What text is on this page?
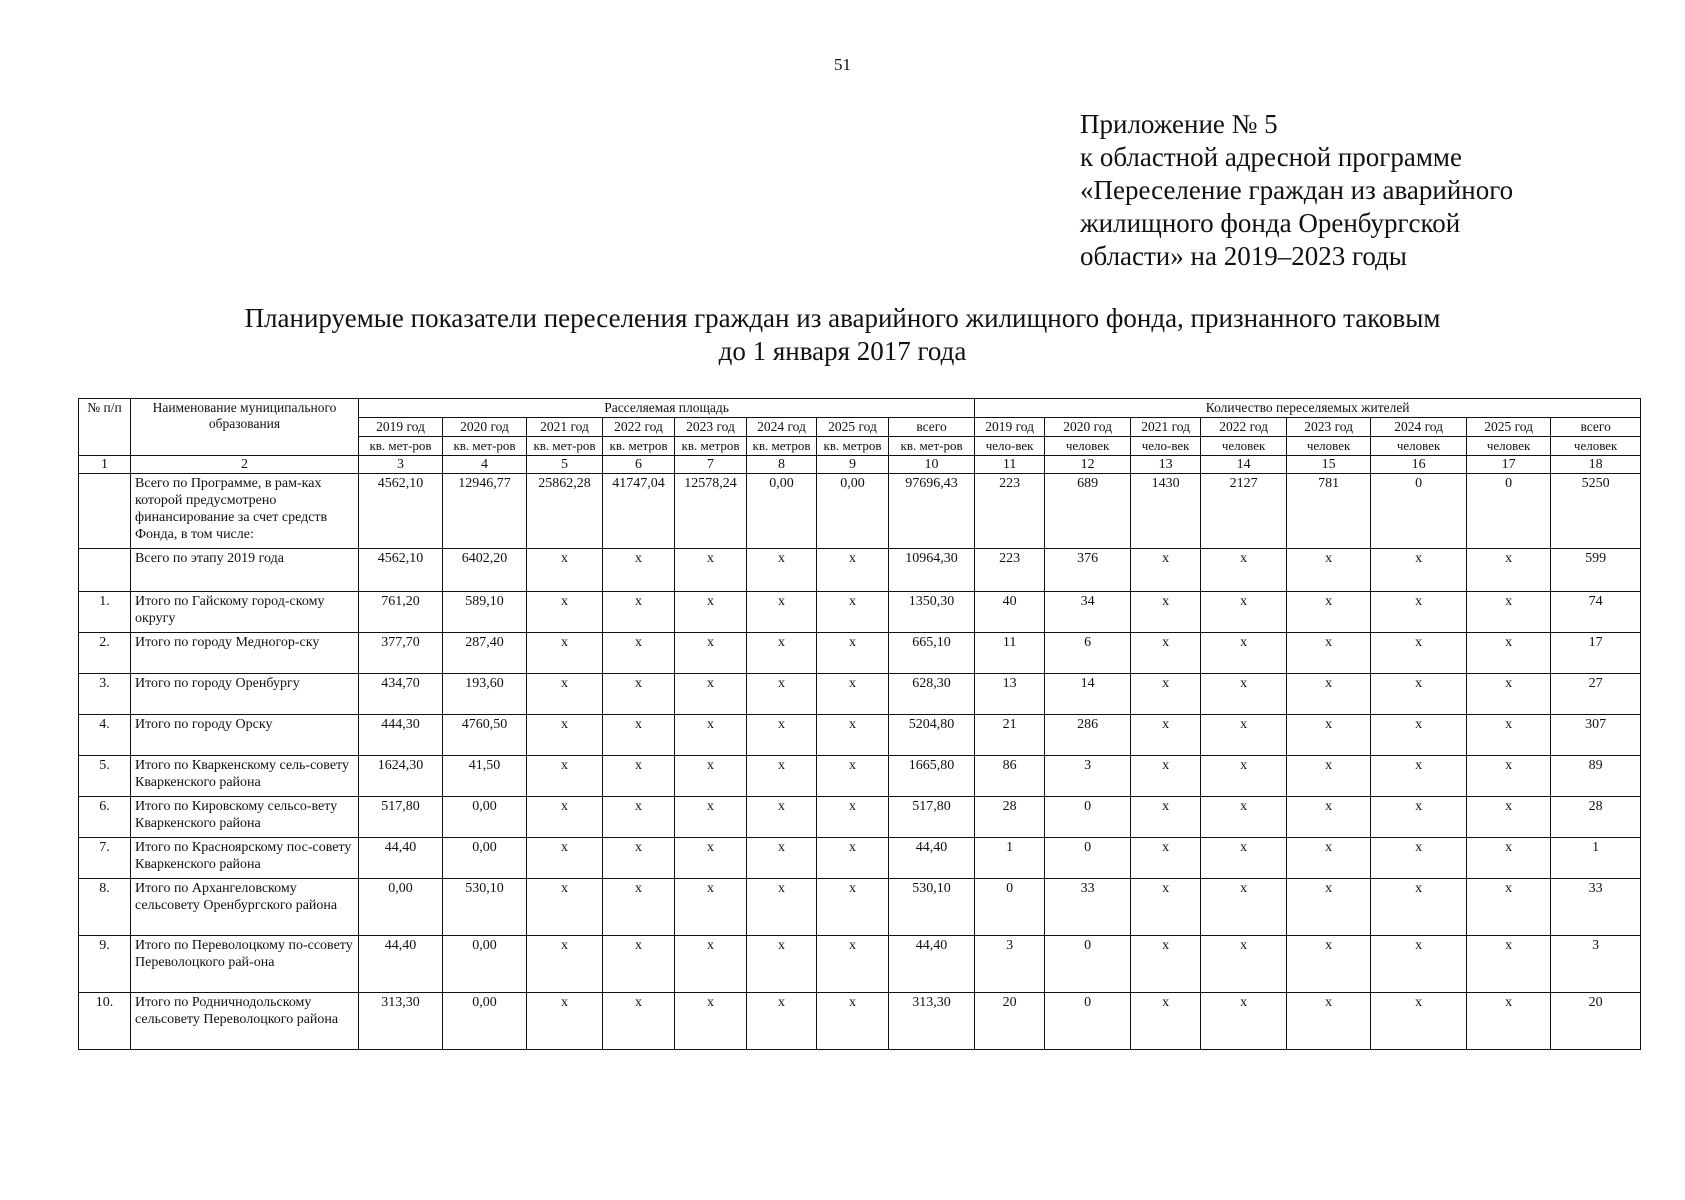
51
Приложение № 5
к областной адресной программе
«Переселение граждан из аварийного
жилищного фонда Оренбургской
области» на 2019–2023 годы
Планируемые показатели переселения граждан из аварийного жилищного фонда, признанного таковым
до 1 января 2017 года
№ п/п	Наименование муниципального образования	Расселяемая площадь								Количество переселяемых жителей							
		2019 год	2020 год	2021 год	2022 год	2023 год	2024 год	2025 год	всего	2019 год	2020 год	2021 год	2022 год	2023 год	2024 год	2025 год	всего
		кв. мет-ров	кв. мет-ров	кв. мет-ров	кв. метров	кв. метров	кв. метров	кв. метров	кв. мет-ров	чело-век	человек	чело-век	человек	человек	человек	человек	человек
1	2	3	4	5	6	7	8	9	10	11	12	13	14	15	16	17	18
	Всего по Программе, в рам-ках которой предусмотрено финансирование за счет средств Фонда, в том числе:	4562,10	12946,77	25862,28	41747,04	12578,24	0,00	0,00	97696,43	223	689	1430	2127	781	0	0	5250
	Всего по этапу 2019 года	4562,10	6402,20	х	х	х	х	х	10964,30	223	376	х	х	х	х	х	599
1.	Итого по Гайскому город-скому округу	761,20	589,10	х	х	х	х	х	1350,30	40	34	х	х	х	х	х	74
2.	Итого по городу Медногор-ску	377,70	287,40	х	х	х	х	х	665,10	11	6	х	х	х	х	х	17
3.	Итого по городу Оренбургу	434,70	193,60	х	х	х	х	х	628,30	13	14	х	х	х	х	х	27
4.	Итого по городу Орску	444,30	4760,50	х	х	х	х	х	5204,80	21	286	х	х	х	х	х	307
5.	Итого по Кваркенскому сель-совету Кваркенского района	1624,30	41,50	х	х	х	х	х	1665,80	86	3	х	х	х	х	х	89
6.	Итого по Кировскому сельсо-вету Кваркенского района	517,80	0,00	х	х	х	х	х	517,80	28	0	х	х	х	х	х	28
7.	Итого по Красноярскому пос-совету Кваркенского района	44,40	0,00	х	х	х	х	х	44,40	1	0	х	х	х	х	х	1
8.	Итого по Архангеловскому сельсовету Оренбургского района	0,00	530,10	х	х	х	х	х	530,10	0	33	х	х	х	х	х	33
9.	Итого по Переволоцкому по-ссовету Переволоцкого рай-она	44,40	0,00	х	х	х	х	х	44,40	3	0	х	х	х	х	х	3
10.	Итого по Родничнодольскому сельсовету Переволоцкого района	313,30	0,00	х	х	х	х	х	313,30	20	0	х	х	х	х	х	20
